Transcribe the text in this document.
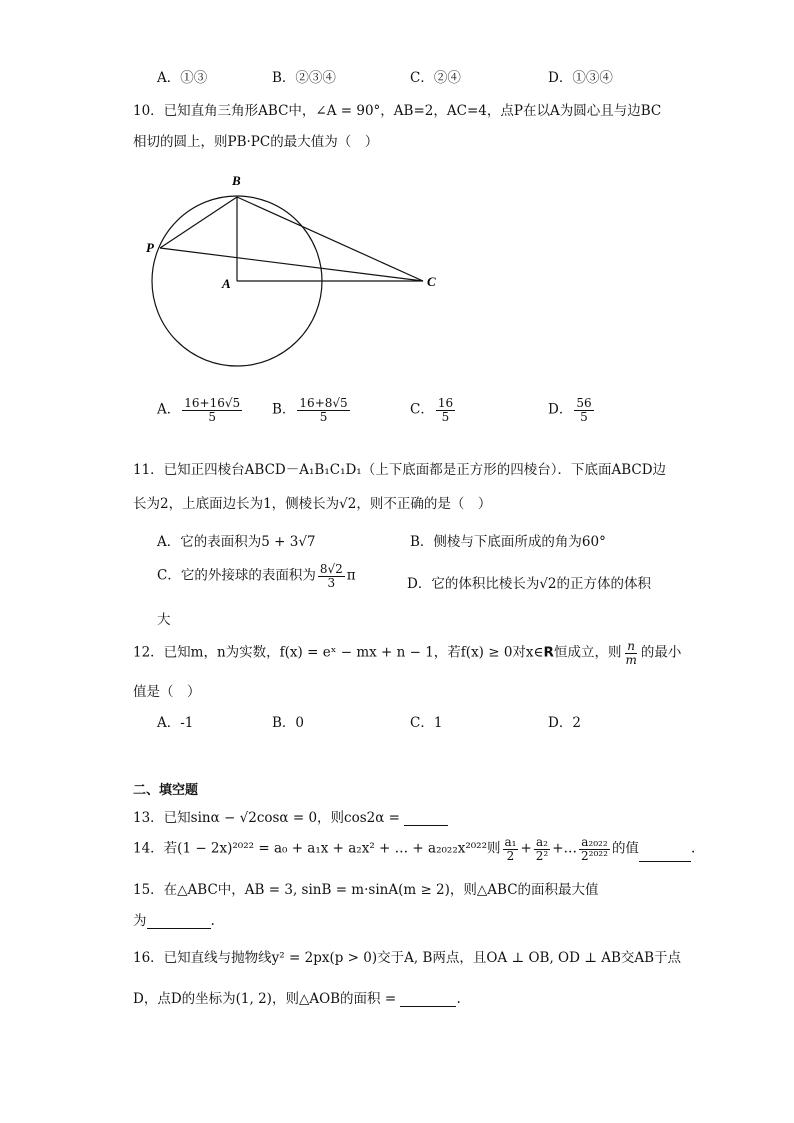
A．①③	B．②③④	C．②④	D．①③④
10．已知直角三角形ABC中，∠A = 90°，AB=2，AC=4，点P在以A为圆心且与边BC
相切的圆上，则PB·PC的最大值为（　）
B
P
A	C
A． $\frac{16+16√5}{5}$ B． $\frac{16+8√5}{5}$	C． $\frac{16}{5}$	D． $\frac{56}{5}$
11．已知正四棱台ABCD－A₁B₁C₁D₁（上下底面都是正方形的四棱台）．下底面ABCD边
长为2，上底面边长为1，侧棱长为√2，则不正确的是（　）
A．它的表面积为5 + 3√7	B．侧棱与下底面所成的角为60°
C．它的外接球的表面积为 $\frac{8√2}{3}$ π
D．它的体积比棱长为√2的正方体的体积
大
12．已知m，n为实数，f(x) = eˣ − mx + n − 1，若f(x) ≥ 0对x∈R恒成立，则 $\frac{n}{m}$ 的最小
值是（　）
A．-1	B．0	C．1	D．2
二、填空题
13．已知sinα − √2cosα = 0，则cos2α =
14．若(1 − 2x)²⁰²² = a₀ + a₁x + a₂x² + … + a₂₀₂₂x²⁰²²则 $\frac{\text{a₁}}{2} + \frac{\text{a₂}}{\text{2²}}$ +… $\frac{\text{a₂₀₂₂}}{\text{2²⁰²²}}$ 的值	.
15．在△ABC中，AB = 3, sinB = m·sinA(m ≥ 2)，则△ABC的面积最大值
为	.
16．已知直线与抛物线y² = 2px(p > 0)交于A, B两点，且OA ⊥ OB, OD ⊥ AB交AB于点
D，点D的坐标为(1, 2)，则△AOB的面积 =	.
